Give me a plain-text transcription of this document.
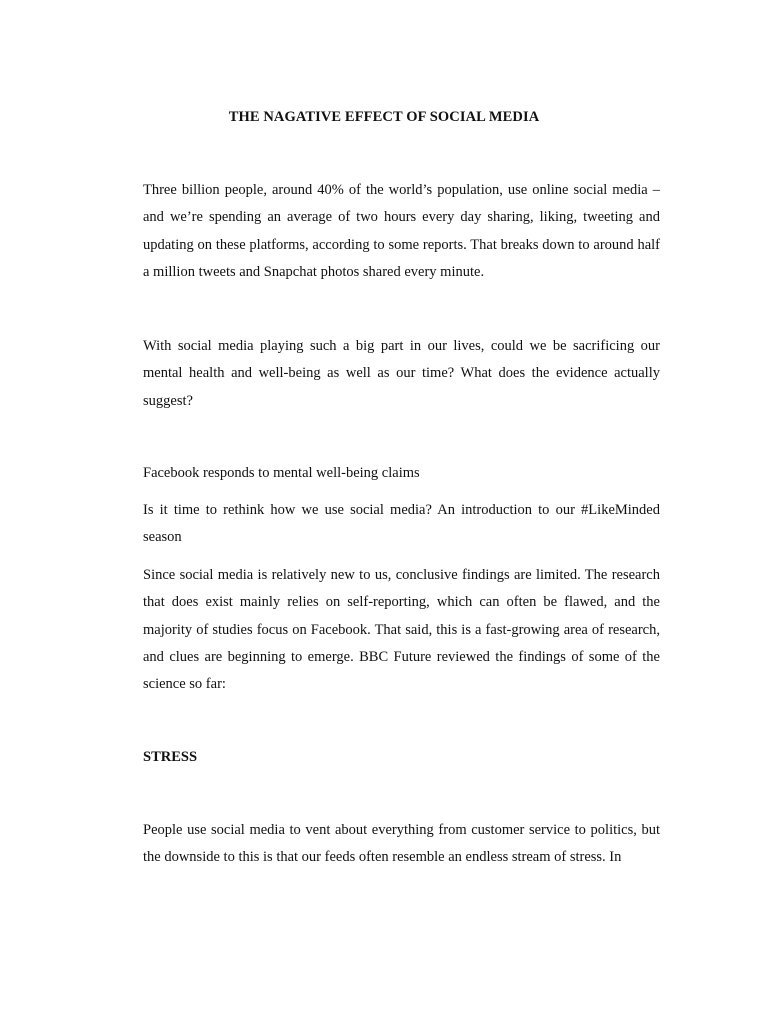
THE NAGATIVE EFFECT OF SOCIAL MEDIA

Three billion people, around 40% of the world’s population, use online social media – and we’re spending an average of two hours every day sharing, liking, tweeting and updating on these platforms, according to some reports. That breaks down to around half a million tweets and Snapchat photos shared every minute.

With social media playing such a big part in our lives, could we be sacrificing our mental health and well-being as well as our time? What does the evidence actually suggest?

Facebook responds to mental well-being claims

Is it time to rethink how we use social media? An introduction to our #LikeMinded season

Since social media is relatively new to us, conclusive findings are limited. The research that does exist mainly relies on self-reporting, which can often be flawed, and the majority of studies focus on Facebook. That said, this is a fast-growing area of research, and clues are beginning to emerge. BBC Future reviewed the findings of some of the science so far:

STRESS

People use social media to vent about everything from customer service to politics, but the downside to this is that our feeds often resemble an endless stream of stress. In
